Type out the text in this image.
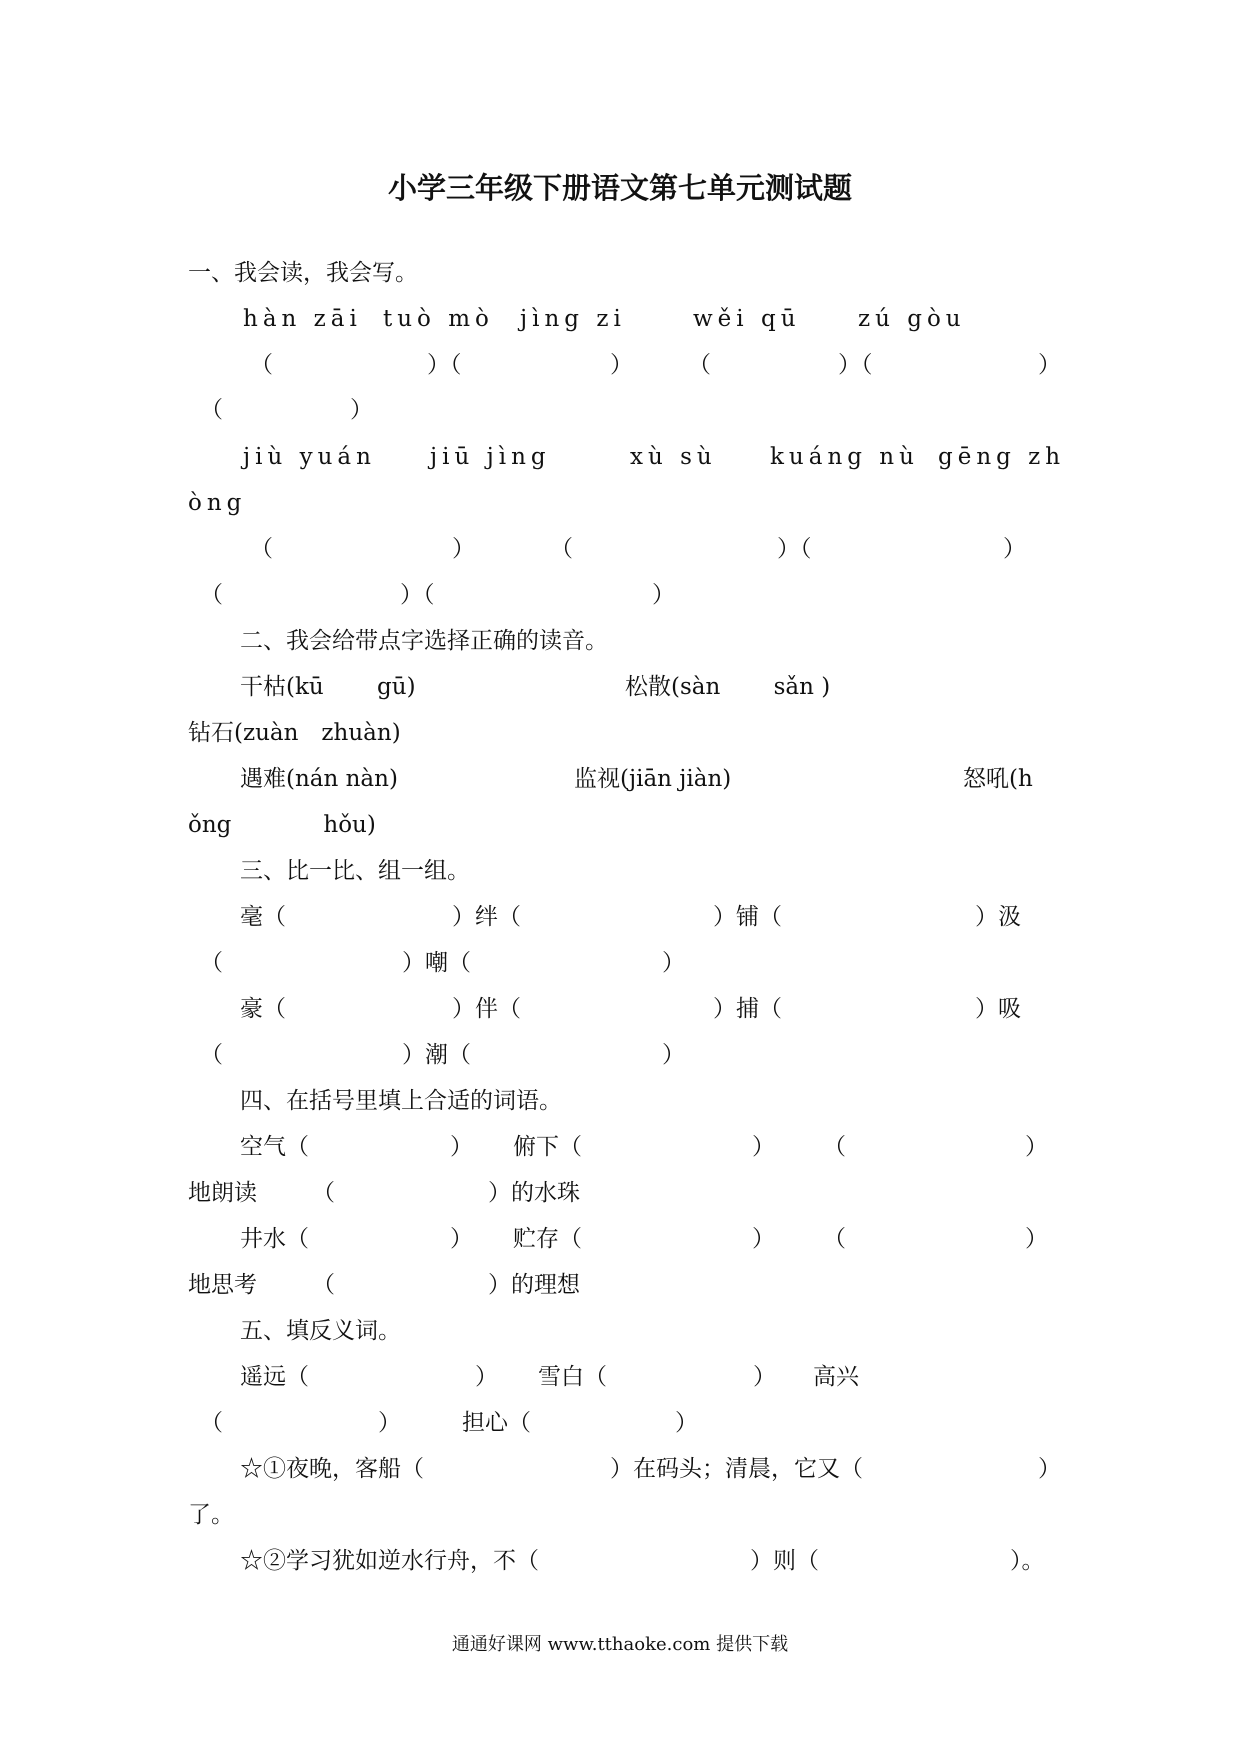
小学三年级下册语文第七单元测试题
一、我会读，我会写。
hàn zāi tuò mò jìng zi	wěi qū zú gòu
（	）（	） （	）（	）
（	）
jiù yuán jiū jìng	xù sù kuáng nù gēng zh
òng
（	）	（	）（	）
（	）（	）
二、我会给带点字选择正确的读音。
干枯(kū　　 gū)	松散(sàn　　 sǎn )
钻石(zuàn　zhuàn)
遇难(nán nàn)	监视(jiān jiàn)	怒吼(h
ǒng　　　　hǒu)
三、比一比、组一组。
毫（	）绊（	）铺（	）汲
（	）嘲（	）
豪（	）伴（	）捕（	）吸
（	）潮（	）
四、在括号里填上合适的词语。
空气（	） 俯下（	） （	）
地朗读 （	）的水珠
井水（	） 贮存（	） （	）
地思考 （	）的理想
五、填反义词。
遥远（	） 雪白（	） 高兴
（	）	担心（	）
☆①夜晚，客船（	）在码头；清晨，它又（	）
了。
☆②学习犹如逆水行舟，不（	）则（	）。
通通好课网 www.tthaoke.com 提供下载
